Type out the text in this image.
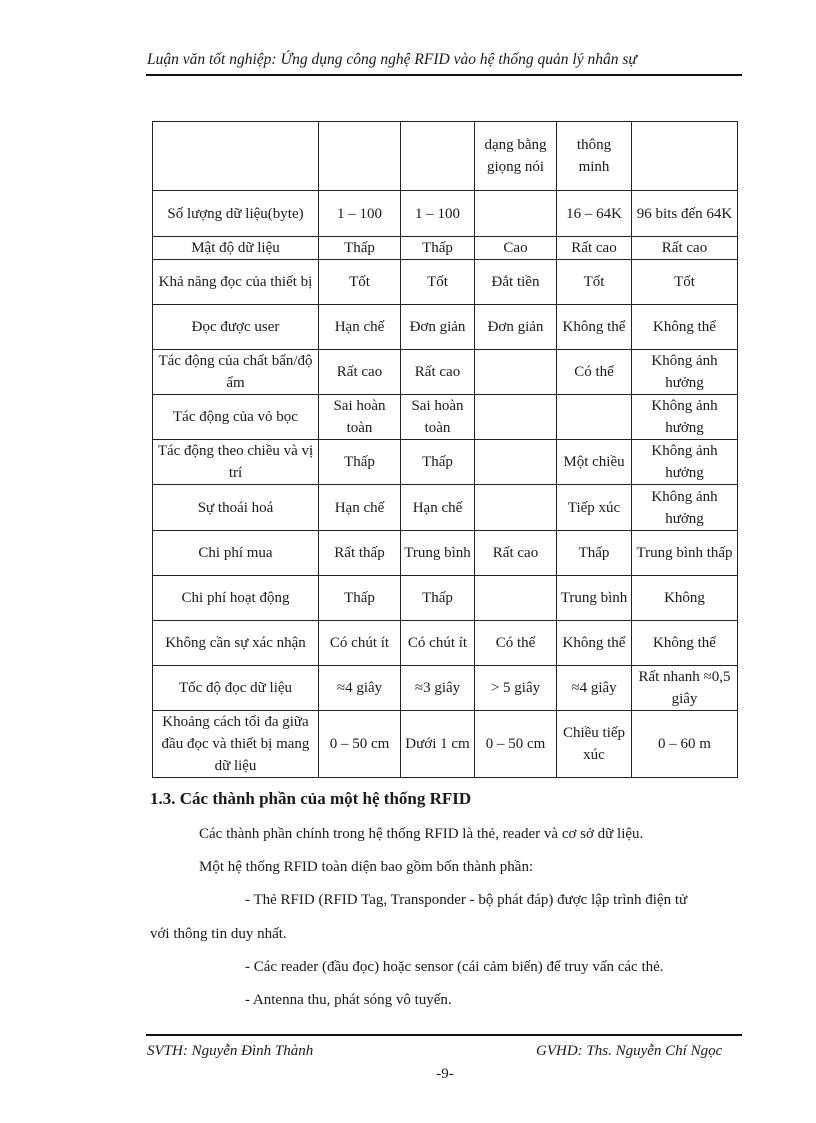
Luận văn tốt nghiệp: Ứng dụng công nghệ RFID vào hệ thống quản lý nhân sự
			dạng bằng giọng nói	thông minh	
Số lượng dữ liệu(byte)	1 – 100	1 – 100		16 – 64K	96 bits đến 64K
Mật độ dữ liệu	Thấp	Thấp	Cao	Rất cao	Rất cao
Khả năng đọc của thiết bị	Tốt	Tốt	Đắt tiền	Tốt	Tốt
Đọc được user	Hạn chế	Đơn giản	Đơn giản	Không thể	Không thể
Tác động của chất bẩn/độ ẩm	Rất cao	Rất cao		Có thể	Không ảnh hưởng
Tác động của vỏ bọc	Sai hoàn toàn	Sai hoàn toàn			Không ảnh hưởng
Tác động theo chiều và vị trí	Thấp	Thấp		Một chiều	Không ảnh hưởng
Sự thoái hoá	Hạn chế	Hạn chế		Tiếp xúc	Không ảnh hưởng
Chi phí mua	Rất thấp	Trung bình	Rất cao	Thấp	Trung bình thấp
Chi phí hoạt động	Thấp	Thấp		Trung bình	Không
Không cần sự xác nhận	Có chút ít	Có chút ít	Có thể	Không thể	Không thể
Tốc độ đọc dữ liệu	≈4 giây	≈3 giây	> 5 giây	≈4 giây	Rất nhanh ≈0,5 giây
Khoảng cách tối đa giữa đầu đọc và thiết bị mang dữ liệu	0 – 50 cm	Dưới 1 cm	0 – 50 cm	Chiều tiếp xúc	0 – 60 m
1.3. Các thành phần của một hệ thống RFID
Các thành phần chính trong hệ thống RFID là thẻ, reader và cơ sở dữ liệu.
Một hệ thống RFID toàn diện bao gồm bốn thành phần:
- Thẻ RFID (RFID Tag, Transponder - bộ phát đáp) được lập trình điện tử
với thông tin duy nhất.
- Các reader (đầu đọc) hoặc sensor (cái cảm biến) để truy vấn các thẻ.
- Antenna thu, phát sóng vô tuyến.
SVTH: Nguyễn Đình Thành	GVHD: Ths. Nguyễn Chí Ngọc
-9-
